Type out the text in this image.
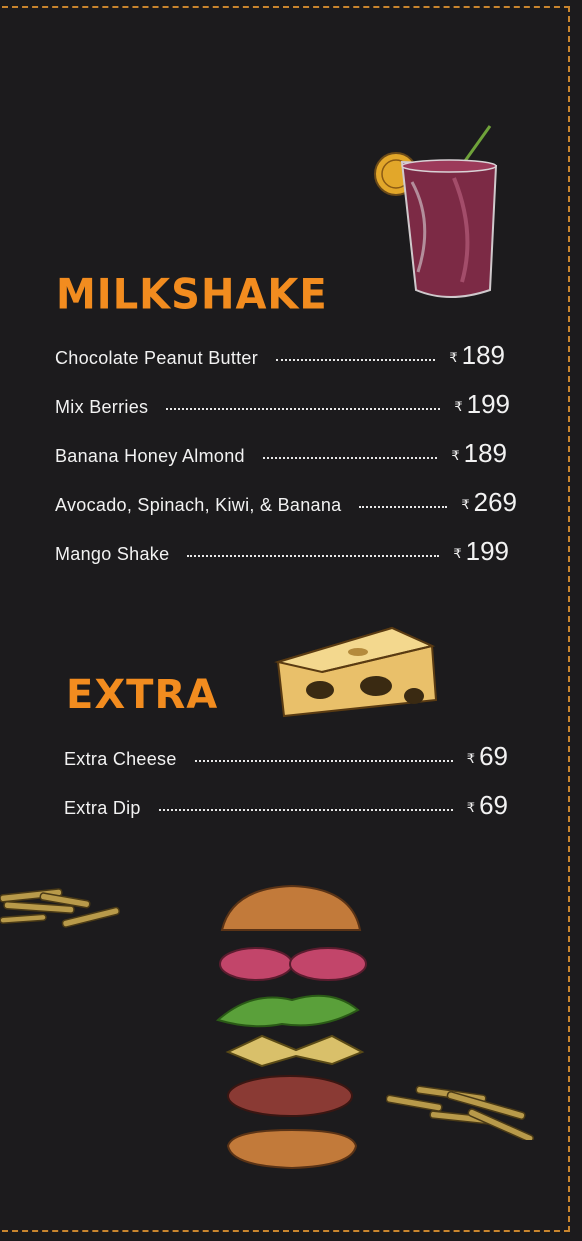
MILKSHAKE
Chocolate Peanut Butter	₹ 189
Mix Berries	₹ 199
Banana Honey Almond	₹ 189
Avocado, Spinach, Kiwi, & Banana	₹ 269
Mango Shake	₹ 199
EXTRA
Extra Cheese	₹ 69
Extra Dip	₹ 69
